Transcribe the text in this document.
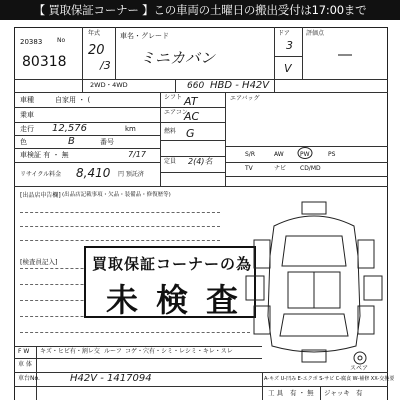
【 買取保証コーナー 】この車両の土曜日の搬出受付は17:00まで
20383 No
80318
年式
20
/3
車名・グレード
ミニカバン
ドア
3
V
評価点
―
2WD・4WD	660 HBD - H42V
車種	自家用 ・ (
乗車
走行 12,576	km
色	B	番号
車検証 有 ・ 無	7/17
リサイクル料金 8,410 円 預託済
シフト AT
エアコン
AC
燃料 G
定員 2(4)名
エアバッグ
S/R	AW	PW	PS
TV	ナビ CD/MD
[出品店申告欄] (出品店記載事項・欠品・装備品・修復歴等)
[検査員記入] 買取保証コーナーの為
未検査
スペア
F W キズ・ヒビ有・割レ交 ルーフ コゲ・穴有・シミ・レシミ・キレ・スレ
車 体
車台No.	H42V - 1417094	A-キズ U-凹み E-エクボ S-サビ C-腐食 W-補修 XX-交換要
工 具 有 ・ 無 ジャッキ 有
